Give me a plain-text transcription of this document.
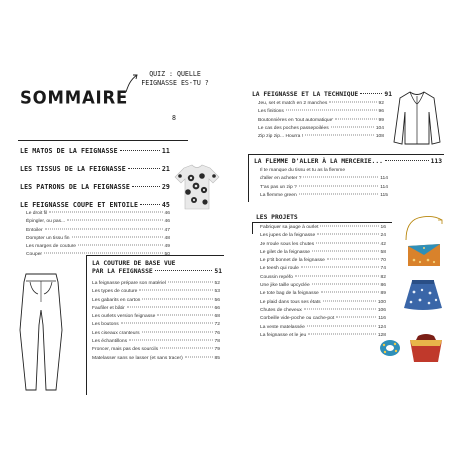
SOMMAIRE
QUIZ : QUELLE
FEIGNASSE ES-TU ?
8
LE MATOS DE LA FEIGNASSE	11
LES TISSUS DE LA FEIGNASSE	21
LES PATRONS DE LA FEIGNASSE	29
LE FEIGNASSE COUPE ET ENTOILE	45
Le droit fil	46
Épingler, ou pas...	46
Entoiler	47
Dompter un tissu fin	48
Les marges de couture	49
Couper
LA COUTURE DE BASE VUE
PAR LA FEIGNASSE	51
La feignasse prépare son matériel	52
Les types de couture	53
Les gabarits en carton	56
Faufiler et bâtir	66
Les ourlets version feignasse	68
Les boutons	72
Les ciseaux cranteurs	76
Les échantillons	78
Froncer, mais pas des sourcils	79
Matelasser sans se lasser (et sans tracer)	85
LA FEIGNASSE ET LA TECHNIQUE	91
Jeu, set et match en 2 manches	92
Les finitions	96
Boutonnières en 'tout automatique'	99
Le cas des poches passepoilées	104
Zip zip zip... Hourra !	108
LA FLEMME D'ALLER À LA MERCERIE...	113
Il te manque du tissu et tu as la flemme
d'aller en acheter ?	114
T'as pas un zip ?	114
La flemme green	115
LES PROJETS
Fabriquer sa jauge à ourlet	16
Les jupes de la feignasse	24
Je rroule sous les chutes	42
Le gilet de la feignasse	58
Le p'tit bonnet de la feignasse	70
Le teesh qui roule	74
Coussin repéfo	82
Une jike taille upcyclée	86
Le tote bag de la feignasse	89
Le plaid dans tous ses états	100
Chutes de cheveux	106
Corbeille vide-poche ou cache-pot	116
La veste matelassée	124
La feignasse et le jeu	128
